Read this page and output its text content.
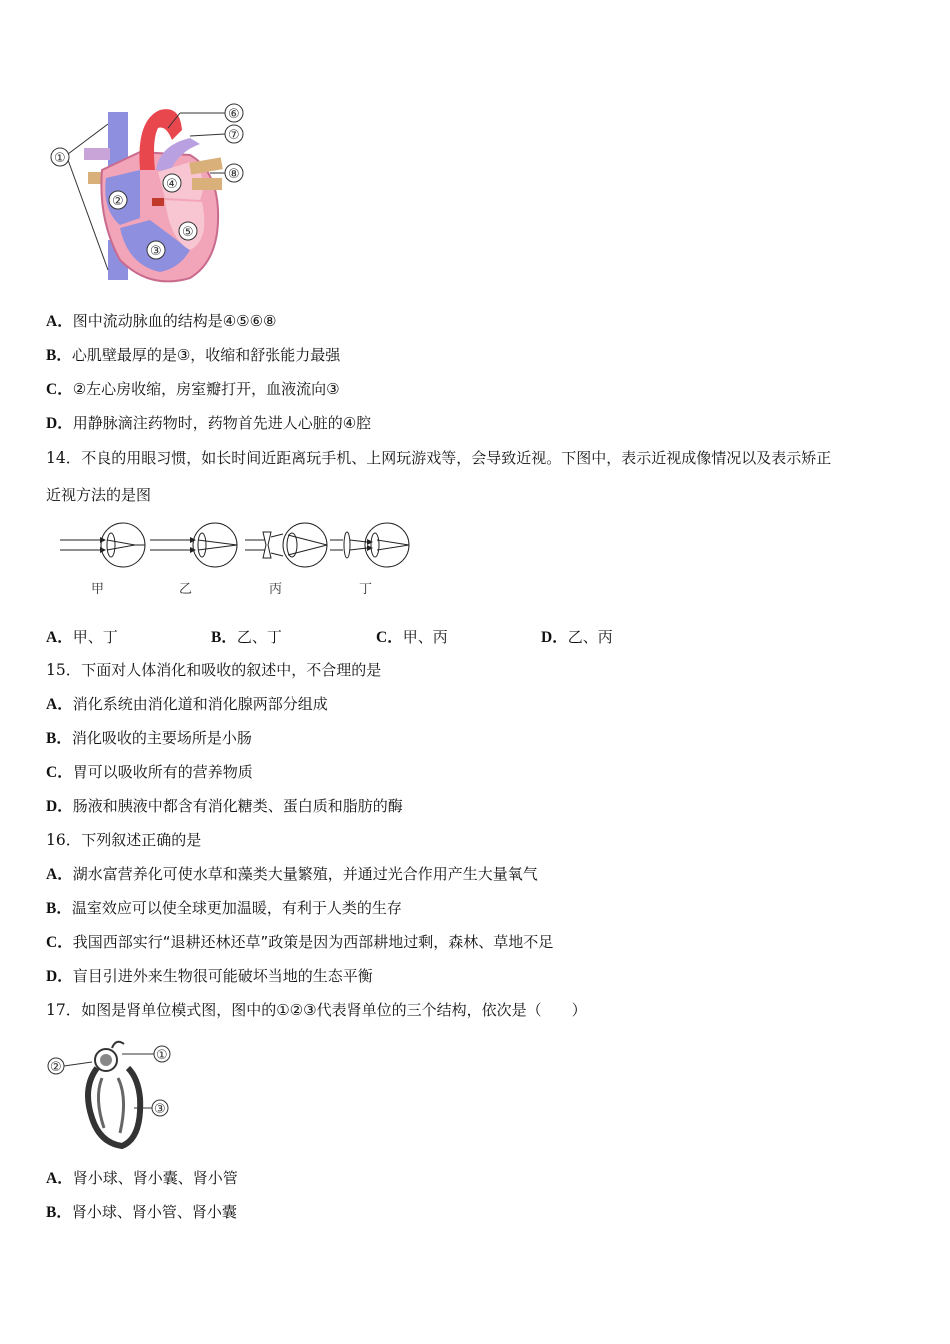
①
②
③
④
⑤
⑥
⑦
⑧
A．图中流动脉血的结构是④⑤⑥⑧
B．心肌壁最厚的是③，收缩和舒张能力最强
C．②左心房收缩，房室瓣打开，血液流向③
D．用静脉滴注药物时，药物首先进人心脏的④腔
14．不良的用眼习惯，如长时间近距离玩手机、上网玩游戏等，会导致近视。下图中，表示近视成像情况以及表示矫正
近视方法的是图
甲	乙	丙	丁
A．甲、丁	B．乙、丁	C．甲、丙	D．乙、丙
15．下面对人体消化和吸收的叙述中，不合理的是
A．消化系统由消化道和消化腺两部分组成
B．消化吸收的主要场所是小肠
C．胃可以吸收所有的营养物质
D．肠液和胰液中都含有消化糖类、蛋白质和脂肪的酶
16．下列叙述正确的是
A．湖水富营养化可使水草和藻类大量繁殖，并通过光合作用产生大量氧气
B．温室效应可以使全球更加温暖，有利于人类的生存
C．我国西部实行“退耕还林还草”政策是因为西部耕地过剩，森林、草地不足
D．盲目引进外来生物很可能破坏当地的生态平衡
17．如图是肾单位模式图，图中的①②③代表肾单位的三个结构，依次是（　　）
①
②
③
A．肾小球、肾小囊、肾小管
B．肾小球、肾小管、肾小囊
